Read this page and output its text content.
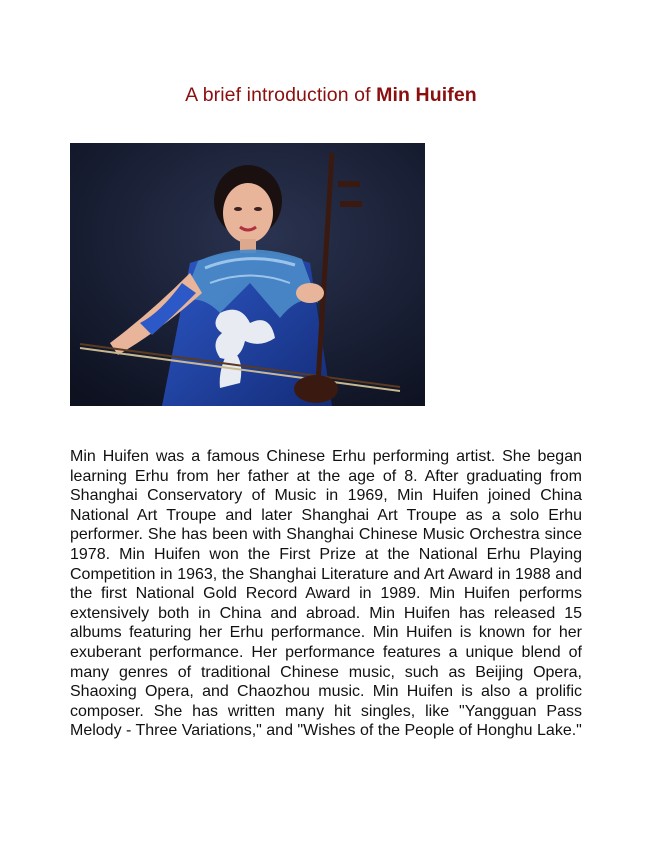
A brief introduction of Min Huifen

Min Huifen was a famous Chinese Erhu performing artist. She began learning Erhu from her father at the age of 8. After graduating from Shanghai Conservatory of Music in 1969, Min Huifen joined China National Art Troupe and later Shanghai Art Troupe as a solo Erhu performer. She has been with Shanghai Chinese Music Orchestra since 1978. Min Huifen won the First Prize at the National Erhu Playing Competition in 1963, the Shanghai Literature and Art Award in 1988 and the first National Gold Record Award in 1989. Min Huifen performs extensively both in China and abroad. Min Huifen has released 15 albums featuring her Erhu performance. Min Huifen is known for her exuberant performance. Her performance features a unique blend of many genres of traditional Chinese music, such as Beijing Opera, Shaoxing Opera, and Chaozhou music. Min Huifen is also a prolific composer. She has written many hit singles, like "Yangguan Pass Melody - Three Variations," and "Wishes of the People of Honghu Lake."
